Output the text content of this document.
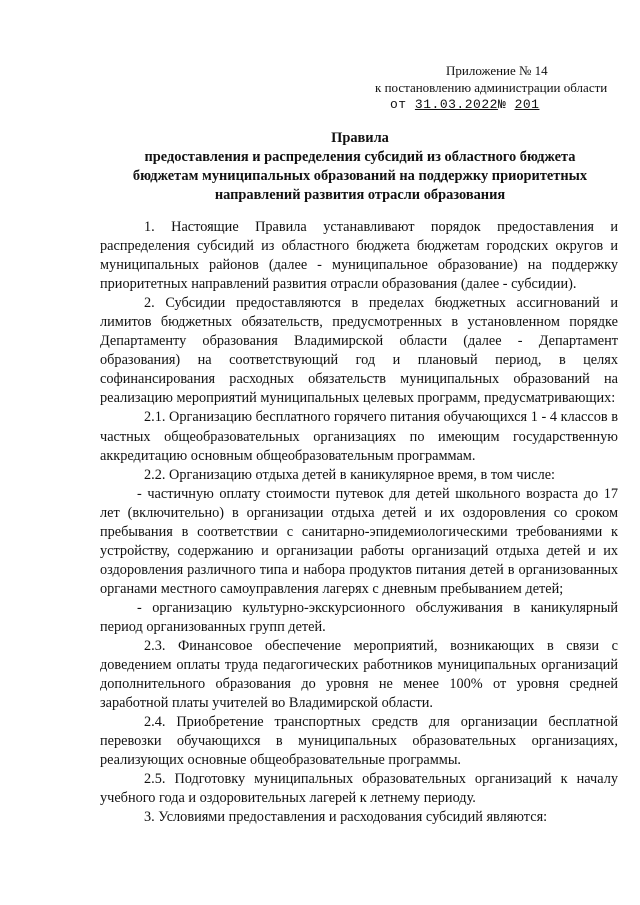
Приложение № 14
к постановлению администрации области
от 31.03.2022№ 201
Правила
предоставления и распределения субсидий из областного бюджета
бюджетам муниципальных образований на поддержку приоритетных
направлений развития отрасли образования

1. Настоящие Правила устанавливают порядок предоставления и распределения субсидий из областного бюджета бюджетам городских округов и муниципальных районов (далее - муниципальное образование) на поддержку приоритетных направлений развития отрасли образования (далее - субсидии).

2. Субсидии предоставляются в пределах бюджетных ассигнований и лимитов бюджетных обязательств, предусмотренных в установленном порядке Департаменту образования Владимирской области (далее - Департамент образования) на соответствующий год и плановый период, в целях софинансирования расходных обязательств муниципальных образований на реализацию мероприятий муниципальных целевых программ, предусматривающих:

2.1. Организацию бесплатного горячего питания обучающихся 1 - 4 классов в частных общеобразовательных организациях по имеющим государственную аккредитацию основным общеобразовательным программам.

2.2. Организацию отдыха детей в каникулярное время, в том числе:

- частичную оплату стоимости путевок для детей школьного возраста до 17 лет (включительно) в организации отдыха детей и их оздоровления со сроком пребывания в соответствии с санитарно-эпидемиологическими требованиями к устройству, содержанию и организации работы организаций отдыха детей и их оздоровления различного типа и набора продуктов питания детей в организованных органами местного самоуправления лагерях с дневным пребыванием детей;

- организацию культурно-экскурсионного обслуживания в каникулярный период организованных групп детей.

2.3. Финансовое обеспечение мероприятий, возникающих в связи с доведением оплаты труда педагогических работников муниципальных организаций дополнительного образования до уровня не менее 100% от уровня средней заработной платы учителей во Владимирской области.

2.4. Приобретение транспортных средств для организации бесплатной перевозки обучающихся в муниципальных образовательных организациях, реализующих основные общеобразовательные программы.

2.5. Подготовку муниципальных образовательных организаций к началу учебного года и оздоровительных лагерей к летнему периоду.

3. Условиями предоставления и расходования субсидий являются:
